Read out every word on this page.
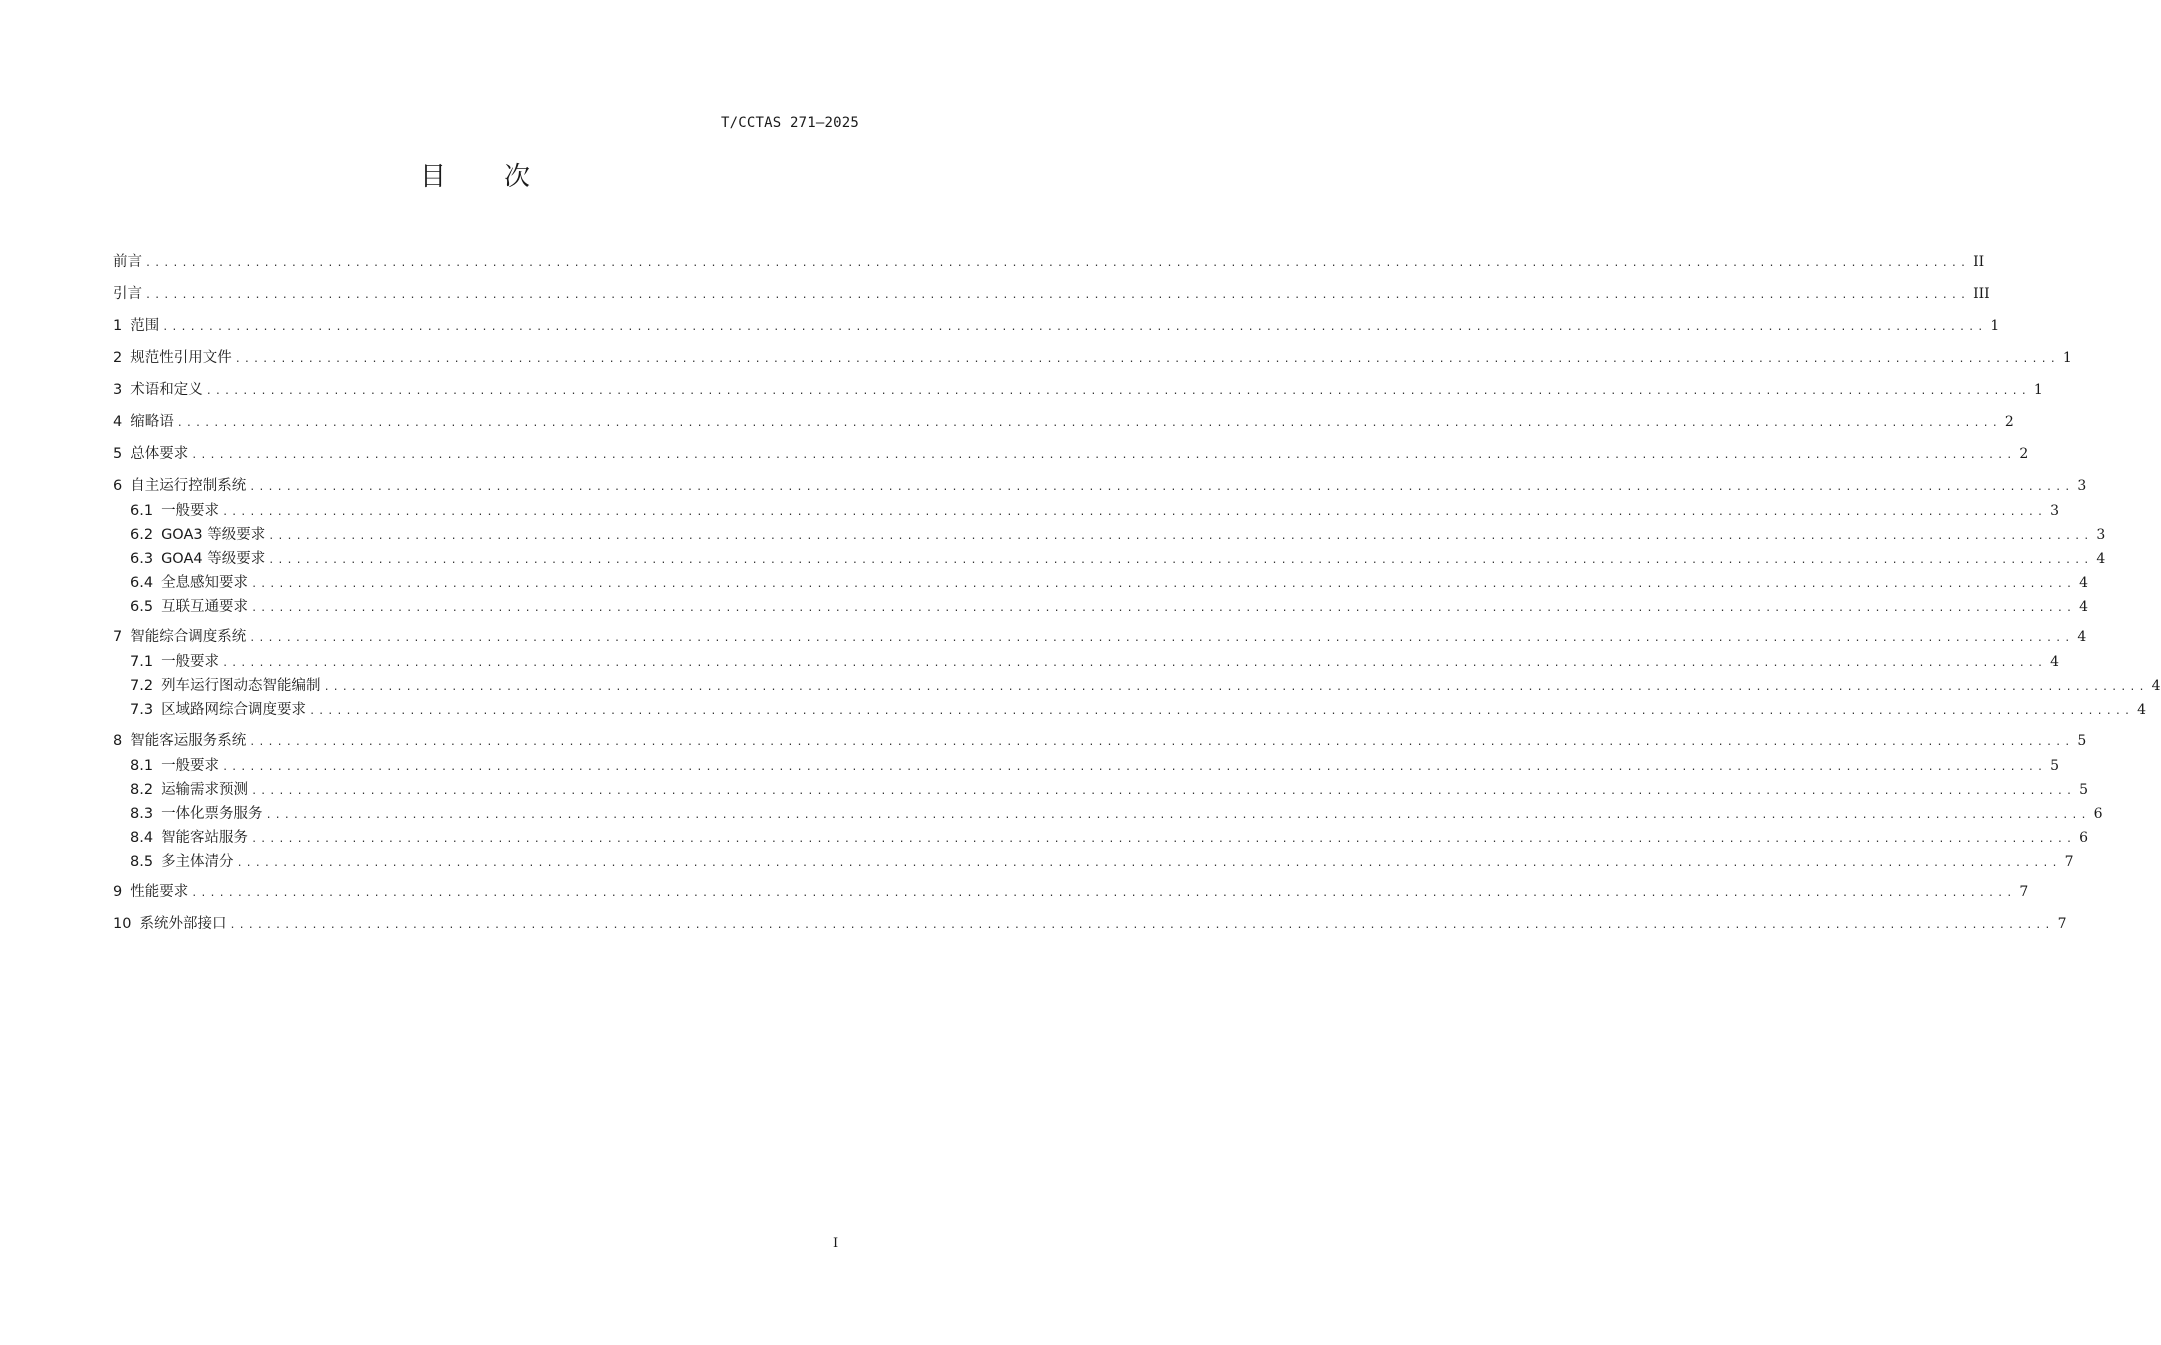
T/CCTAS 271—2025
目次
前言 ........................................................................................................................................................................................................ II
引言 ........................................................................................................................................................................................................ III
1 范围 ........................................................................................................................................................................................................ 1
2 规范性引用文件 ........................................................................................................................................................................................................ 1
3 术语和定义 ........................................................................................................................................................................................................ 1
4 缩略语 ........................................................................................................................................................................................................ 2
5 总体要求 ........................................................................................................................................................................................................ 2
6 自主运行控制系统 ........................................................................................................................................................................................................ 3
6.1 一般要求 ........................................................................................................................................................................................................ 3
6.2 GOA3 等级要求 ........................................................................................................................................................................................................ 3
6.3 GOA4 等级要求 ........................................................................................................................................................................................................ 4
6.4 全息感知要求 ........................................................................................................................................................................................................ 4
6.5 互联互通要求 ........................................................................................................................................................................................................ 4
7 智能综合调度系统 ........................................................................................................................................................................................................ 4
7.1 一般要求 ........................................................................................................................................................................................................ 4
7.2 列车运行图动态智能编制 ........................................................................................................................................................................................................ 4
7.3 区域路网综合调度要求 ........................................................................................................................................................................................................ 4
8 智能客运服务系统 ........................................................................................................................................................................................................ 5
8.1 一般要求 ........................................................................................................................................................................................................ 5
8.2 运输需求预测 ........................................................................................................................................................................................................ 5
8.3 一体化票务服务 ........................................................................................................................................................................................................ 6
8.4 智能客站服务 ........................................................................................................................................................................................................ 6
8.5 多主体清分 ........................................................................................................................................................................................................ 7
9 性能要求 ........................................................................................................................................................................................................ 7
10 系统外部接口 ........................................................................................................................................................................................................ 7
I
